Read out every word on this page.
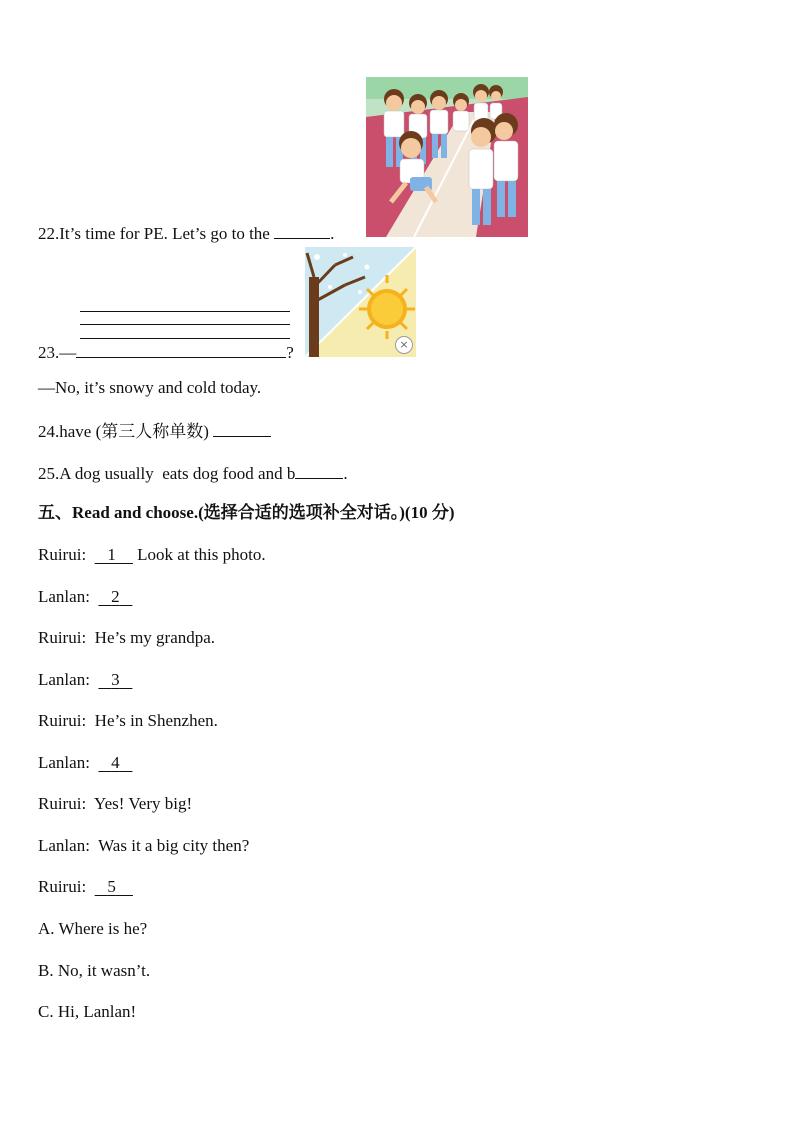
22.It’s time for PE. Let’s go to the	.
×
23.—	?
—No, it’s snowy and cold today.
24.have (第三人称单数)
25.A dog usually  eats dog food and b	.
五、Read and choose.(选择合适的选项补全对话。)(10 分)
Ruirui: 1     Look at this photo.
Lanlan: 2
Ruirui: He’s my grandpa.
Lanlan: 3
Ruirui: He’s in Shenzhen.
Lanlan: 4
Ruirui: Yes! Very big!
Lanlan: Was it a big city then?
Ruirui: 5
A. Where is he?
B. No, it wasn’t.
C. Hi, Lanlan!
